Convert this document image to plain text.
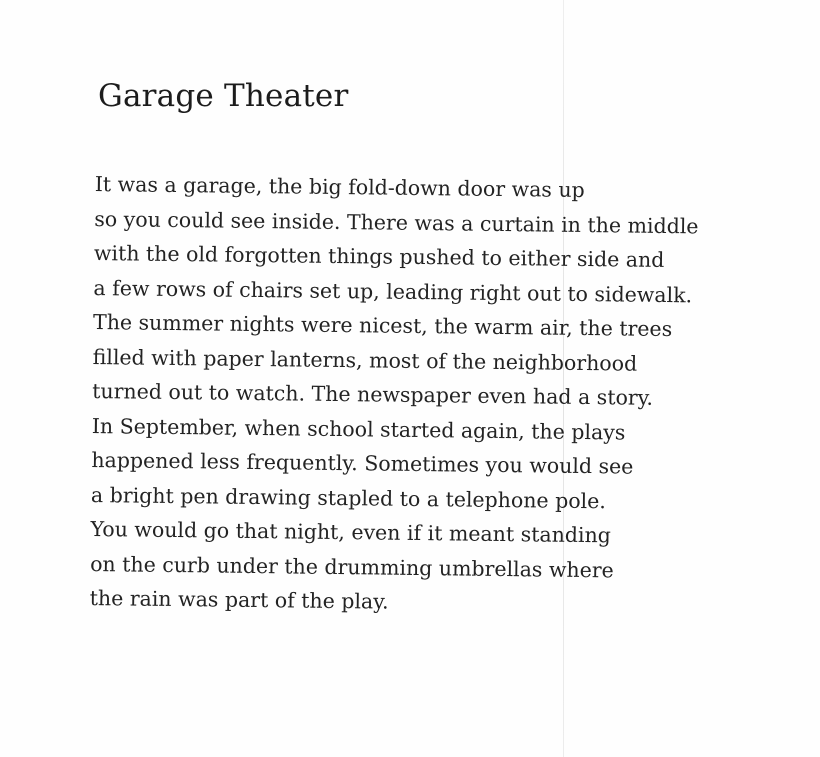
Garage Theater

It was a garage, the big fold-down door was up

so you could see inside. There was a curtain in the middle

with the old forgotten things pushed to either side and

a few rows of chairs set up, leading right out to sidewalk.

The summer nights were nicest, the warm air, the trees

filled with paper lanterns, most of the neighborhood

turned out to watch. The newspaper even had a story.

In September, when school started again, the plays

happened less frequently. Sometimes you would see

a bright pen drawing stapled to a telephone pole.

You would go that night, even if it meant standing

on the curb under the drumming umbrellas where

the rain was part of the play.
